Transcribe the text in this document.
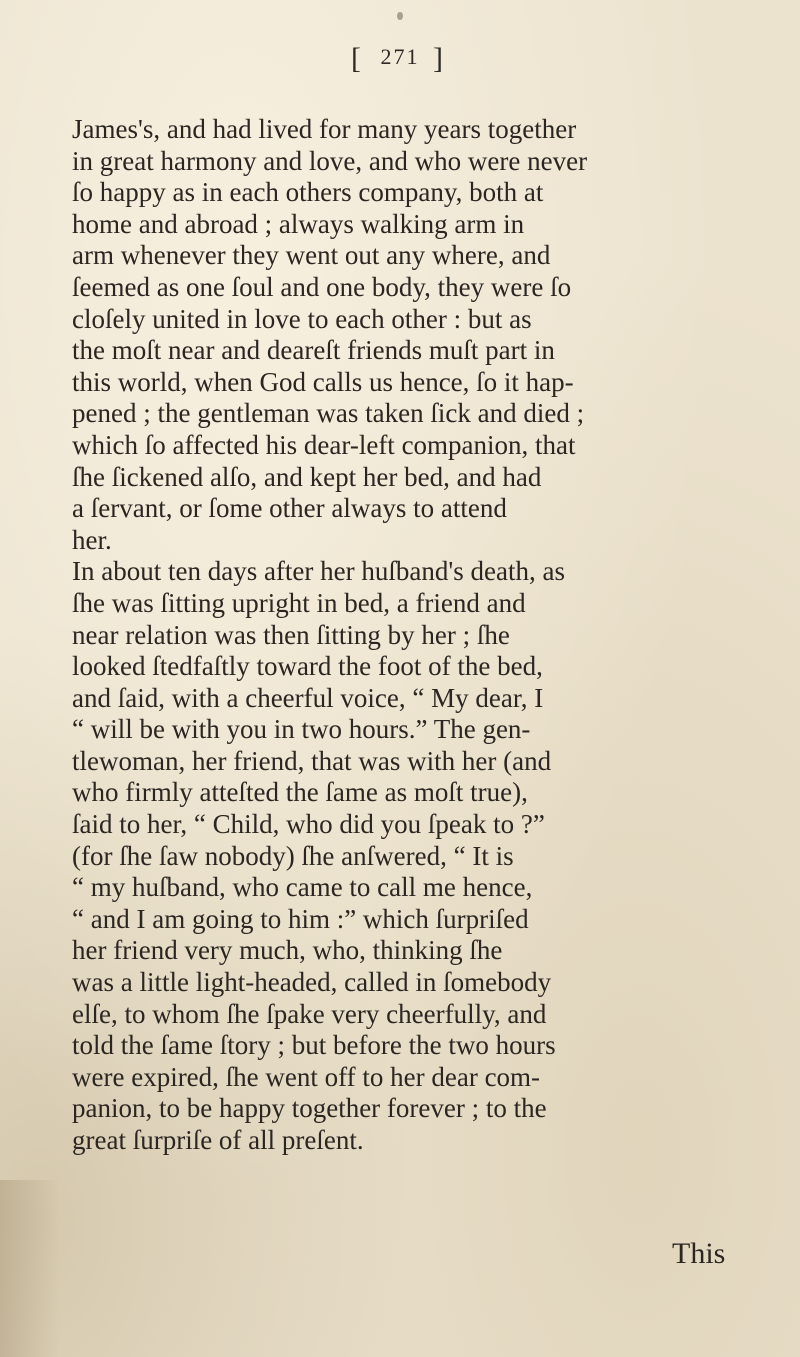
[ 271 ]
James's, and had lived for many years together
in great harmony and love, and who were never
ſo happy as in each others company, both at
home and abroad ; always walking arm in
arm whenever they went out any where, and
ſeemed as one ſoul and one body, they were ſo
cloſely united in love to each other : but as
the moſt near and deareſt friends muſt part in
this world, when God calls us hence, ſo it hap-
pened ; the gentleman was taken ſick and died ;
which ſo affected his dear-left companion, that
ſhe ſickened alſo, and kept her bed, and had
a ſervant, or ſome other always to attend
her.
In about ten days after her huſband's death, as
ſhe was ſitting upright in bed, a friend and
near relation was then ſitting by her ; ſhe
looked ſtedfaſtly toward the foot of the bed,
and ſaid, with a cheerful voice, “ My dear, I
“ will be with you in two hours.” The gen-
tlewoman, her friend, that was with her (and
who firmly atteſted the ſame as moſt true),
ſaid to her, “ Child, who did you ſpeak to ?”
(for ſhe ſaw nobody) ſhe anſwered, “ It is
“ my huſband, who came to call me hence,
“ and I am going to him :” which ſurpriſed
her friend very much, who, thinking ſhe
was a little light-headed, called in ſomebody
elſe, to whom ſhe ſpake very cheerfully, and
told the ſame ſtory ; but before the two hours
were expired, ſhe went off to her dear com-
panion, to be happy together forever ; to the
great ſurpriſe of all preſent.
This
